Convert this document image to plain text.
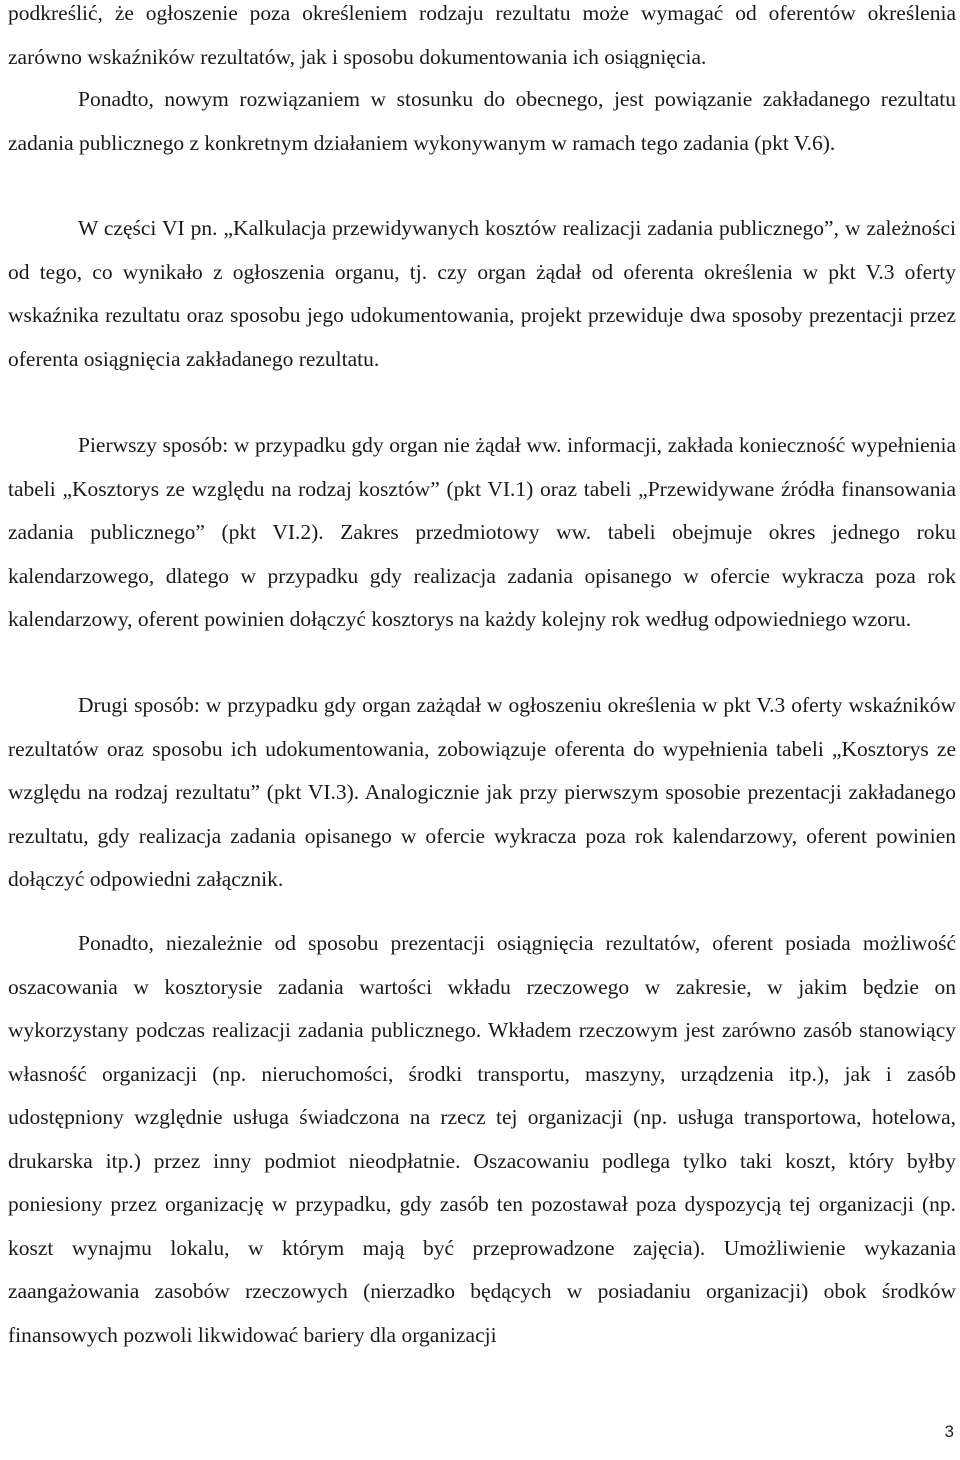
podkreślić, że ogłoszenie poza określeniem rodzaju rezultatu może wymagać od oferentów określenia zarówno wskaźników rezultatów, jak i sposobu dokumentowania ich osiągnięcia.

Ponadto, nowym rozwiązaniem w stosunku do obecnego, jest powiązanie zakładanego rezultatu zadania publicznego z konkretnym działaniem wykonywanym w ramach tego zadania (pkt V.6).

W części VI pn. „Kalkulacja przewidywanych kosztów realizacji zadania publicznego”, w zależności od tego, co wynikało z ogłoszenia organu, tj. czy organ żądał od oferenta określenia w pkt V.3 oferty wskaźnika rezultatu oraz sposobu jego udokumentowania, projekt przewiduje dwa sposoby prezentacji przez oferenta osiągnięcia zakładanego rezultatu.

Pierwszy sposób: w przypadku gdy organ nie żądał ww. informacji, zakłada konieczność wypełnienia tabeli „Kosztorys ze względu na rodzaj kosztów” (pkt VI.1) oraz tabeli „Przewidywane źródła finansowania zadania publicznego” (pkt VI.2). Zakres przedmiotowy ww. tabeli obejmuje okres jednego roku kalendarzowego, dlatego w przypadku gdy realizacja zadania opisanego w ofercie wykracza poza rok kalendarzowy, oferent powinien dołączyć kosztorys na każdy kolejny rok według odpowiedniego wzoru.

Drugi sposób: w przypadku gdy organ zażądał w ogłoszeniu określenia w pkt V.3 oferty wskaźników rezultatów oraz sposobu ich udokumentowania, zobowiązuje oferenta do wypełnienia tabeli „Kosztorys ze względu na rodzaj rezultatu” (pkt VI.3). Analogicznie jak przy pierwszym sposobie prezentacji zakładanego rezultatu, gdy realizacja zadania opisanego w ofercie wykracza poza rok kalendarzowy, oferent powinien dołączyć odpowiedni załącznik.

Ponadto, niezależnie od sposobu prezentacji osiągnięcia rezultatów, oferent posiada możliwość oszacowania w kosztorysie zadania wartości wkładu rzeczowego w zakresie, w jakim będzie on wykorzystany podczas realizacji zadania publicznego. Wkładem rzeczowym jest zarówno zasób stanowiący własność organizacji (np. nieruchomości, środki transportu, maszyny, urządzenia itp.), jak i zasób udostępniony względnie usługa świadczona na rzecz tej organizacji (np. usługa transportowa, hotelowa, drukarska itp.) przez inny podmiot nieodpłatnie. Oszacowaniu podlega tylko taki koszt, który byłby poniesiony przez organizację w przypadku, gdy zasób ten pozostawał poza dyspozycją tej organizacji (np. koszt wynajmu lokalu, w którym mają być przeprowadzone zajęcia). Umożliwienie wykazania zaangażowania zasobów rzeczowych (nierzadko będących w posiadaniu organizacji) obok środków finansowych pozwoli likwidować bariery dla organizacji

3
